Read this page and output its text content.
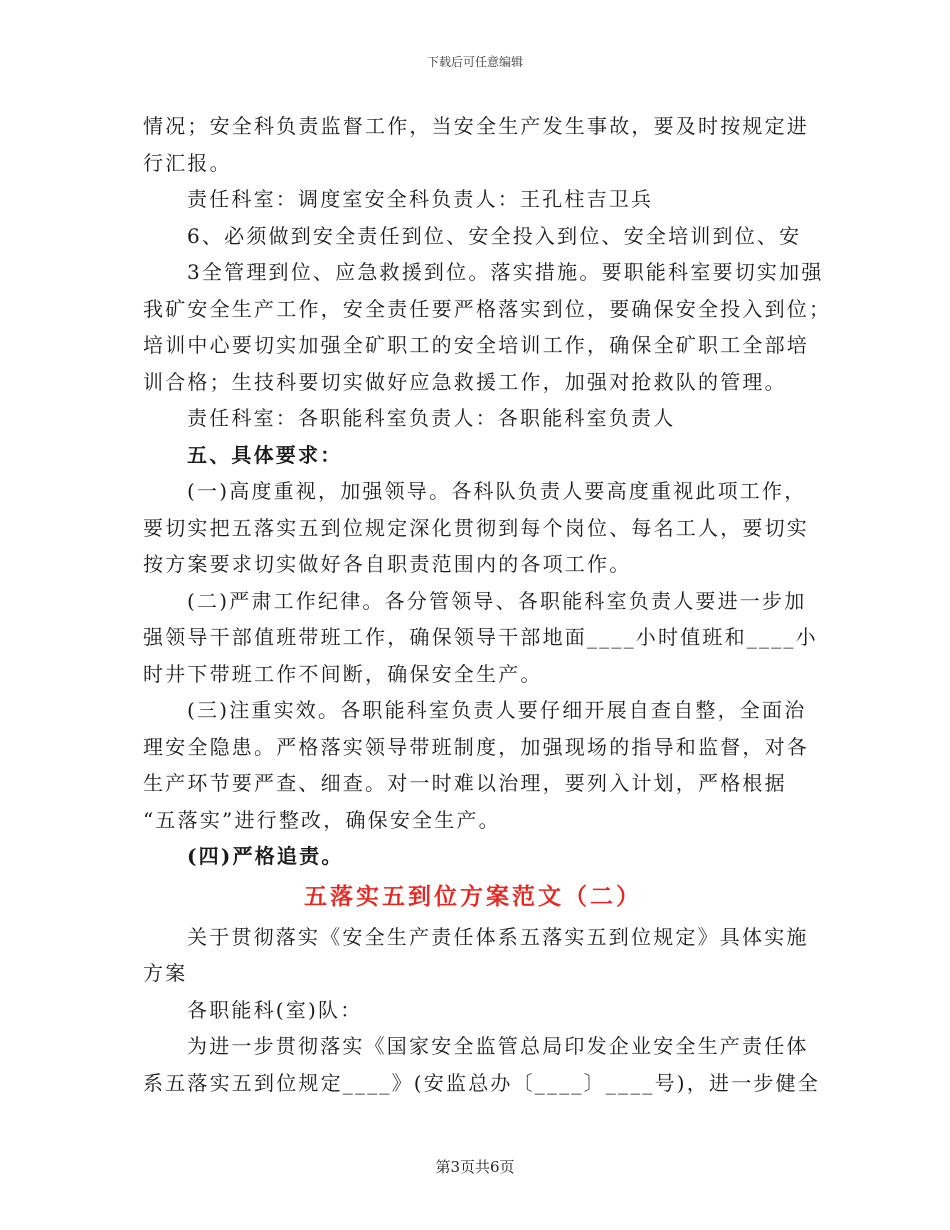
下载后可任意编辑

情况；安全科负责监督工作，当安全生产发生事故，要及时按规定进

行汇报。

责任科室：调度室安全科负责人：王孔柱吉卫兵

6、必须做到安全责任到位、安全投入到位、安全培训到位、安

3全管理到位、应急救援到位。落实措施。要职能科室要切实加强

我矿安全生产工作，安全责任要严格落实到位，要确保安全投入到位；

培训中心要切实加强全矿职工的安全培训工作，确保全矿职工全部培

训合格；生技科要切实做好应急救援工作，加强对抢救队的管理。

责任科室：各职能科室负责人：各职能科室负责人

五、具体要求：

(一)高度重视，加强领导。各科队负责人要高度重视此项工作，

要切实把五落实五到位规定深化贯彻到每个岗位、每名工人，要切实

按方案要求切实做好各自职责范围内的各项工作。

(二)严肃工作纪律。各分管领导、各职能科室负责人要进一步加

强领导干部值班带班工作，确保领导干部地面____小时值班和____小

时井下带班工作不间断，确保安全生产。

(三)注重实效。各职能科室负责人要仔细开展自查自整，全面治

理安全隐患。严格落实领导带班制度，加强现场的指导和监督，对各

生产环节要严查、细查。对一时难以治理，要列入计划，严格根据

“五落实”进行整改，确保安全生产。

(四)严格追责。

五落实五到位方案范文（二）

关于贯彻落实《安全生产责任体系五落实五到位规定》具体实施

方案

各职能科(室)队：

为进一步贯彻落实《国家安全监管总局印发企业安全生产责任体

系五落实五到位规定____》(安监总办〔____〕____号)，进一步健全

第3页共6页
